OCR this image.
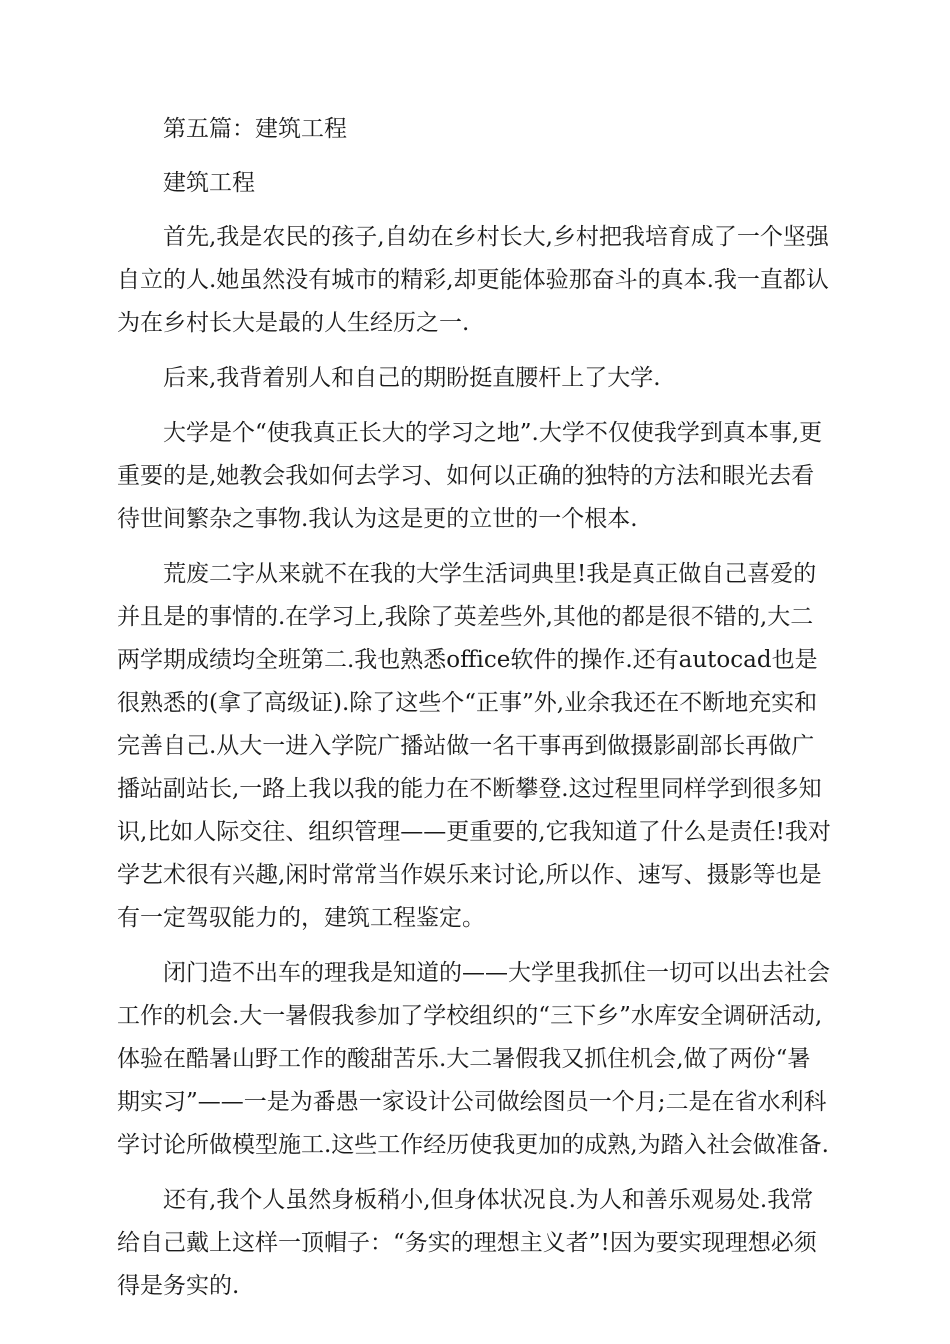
第五篇：建筑工程

建筑工程

首先,我是农民的孩子,自幼在乡村长大,乡村把我培育成了一个坚强自立的人.她虽然没有城市的精彩,却更能体验那奋斗的真本.我一直都认为在乡村长大是最的人生经历之一.

后来,我背着别人和自己的期盼挺直腰杆上了大学.

大学是个“使我真正长大的学习之地”.大学不仅使我学到真本事,更重要的是,她教会我如何去学习、如何以正确的独特的方法和眼光去看待世间繁杂之事物.我认为这是更的立世的一个根本.

荒废二字从来就不在我的大学生活词典里!我是真正做自己喜爱的并且是的事情的.在学习上,我除了英差些外,其他的都是很不错的,大二两学期成绩均全班第二.我也熟悉office软件的操作.还有autocad也是很熟悉的(拿了高级证).除了这些个“正事”外,业余我还在不断地充实和完善自己.从大一进入学院广播站做一名干事再到做摄影副部长再做广播站副站长,一路上我以我的能力在不断攀登.这过程里同样学到很多知识,比如人际交往、组织管理——更重要的,它我知道了什么是责任!我对学艺术很有兴趣,闲时常常当作娱乐来讨论,所以作、速写、摄影等也是有一定驾驭能力的，建筑工程鉴定。

闭门造不出车的理我是知道的——大学里我抓住一切可以出去社会工作的机会.大一暑假我参加了学校组织的“三下乡”水库安全调研活动,体验在酷暑山野工作的酸甜苦乐.大二暑假我又抓住机会,做了两份“暑期实习”——一是为番愚一家设计公司做绘图员一个月;二是在省水利科学讨论所做模型施工.这些工作经历使我更加的成熟,为踏入社会做准备.

还有,我个人虽然身板稍小,但身体状况良.为人和善乐观易处.我常给自己戴上这样一顶帽子：“务实的理想主义者”!因为要实现理想必须得是务实的.
